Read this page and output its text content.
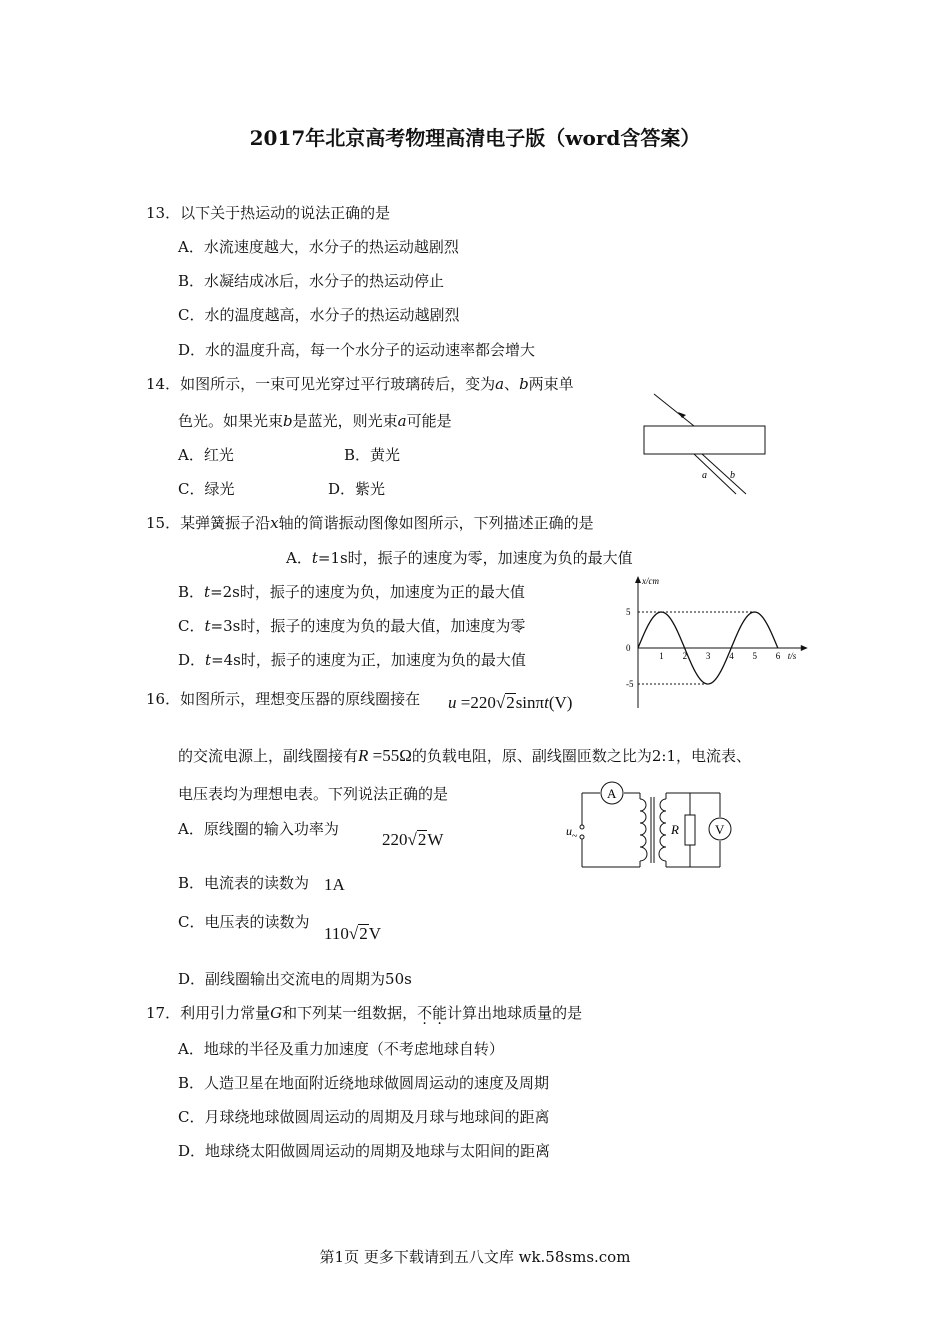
2017年北京高考物理高清电子版（word含答案）
13．以下关于热运动的说法正确的是
A．水流速度越大，水分子的热运动越剧烈
B．水凝结成冰后，水分子的热运动停止
C．水的温度越高，水分子的热运动越剧烈
D．水的温度升高，每一个水分子的运动速率都会增大
14．如图所示，一束可见光穿过平行玻璃砖后，变为a、b两束单
色光。如果光束b是蓝光，则光束a可能是
A．红光	B．黄光
C．绿光	D．紫光
a b
15．某弹簧振子沿x轴的简谐振动图像如图所示，下列描述正确的是
A．t=1s时，振子的速度为零，加速度为负的最大值
B．t=2s时，振子的速度为负，加速度为正的最大值
C．t=3s时，振子的速度为负的最大值，加速度为零
D．t=4s时，振子的速度为正，加速度为负的最大值
x/cm
t/s
5
0
-5
1 2 3 4 5 6
16．如图所示，理想变压器的原线圈接在 u =220√2sinπt(V)
的交流电源上，副线圈接有R =55Ω的负载电阻，原、副线圈匝数之比为2:1，电流表、
电压表均为理想电表。下列说法正确的是
A．原线圈的输入功率为
220√2W
B．电流表的读数为 1A
C．电压表的读数为
110√2V
D．副线圈输出交流电的周期为50s
A
u ~	R	V
17．利用引力常量G和下列某一组数据，不能计算出地球质量的是
A．地球的半径及重力加速度（不考虑地球自转）
B．人造卫星在地面附近绕地球做圆周运动的速度及周期
C．月球绕地球做圆周运动的周期及月球与地球间的距离
D．地球绕太阳做圆周运动的周期及地球与太阳间的距离
第1页 更多下载请到五八文库 wk.58sms.com
